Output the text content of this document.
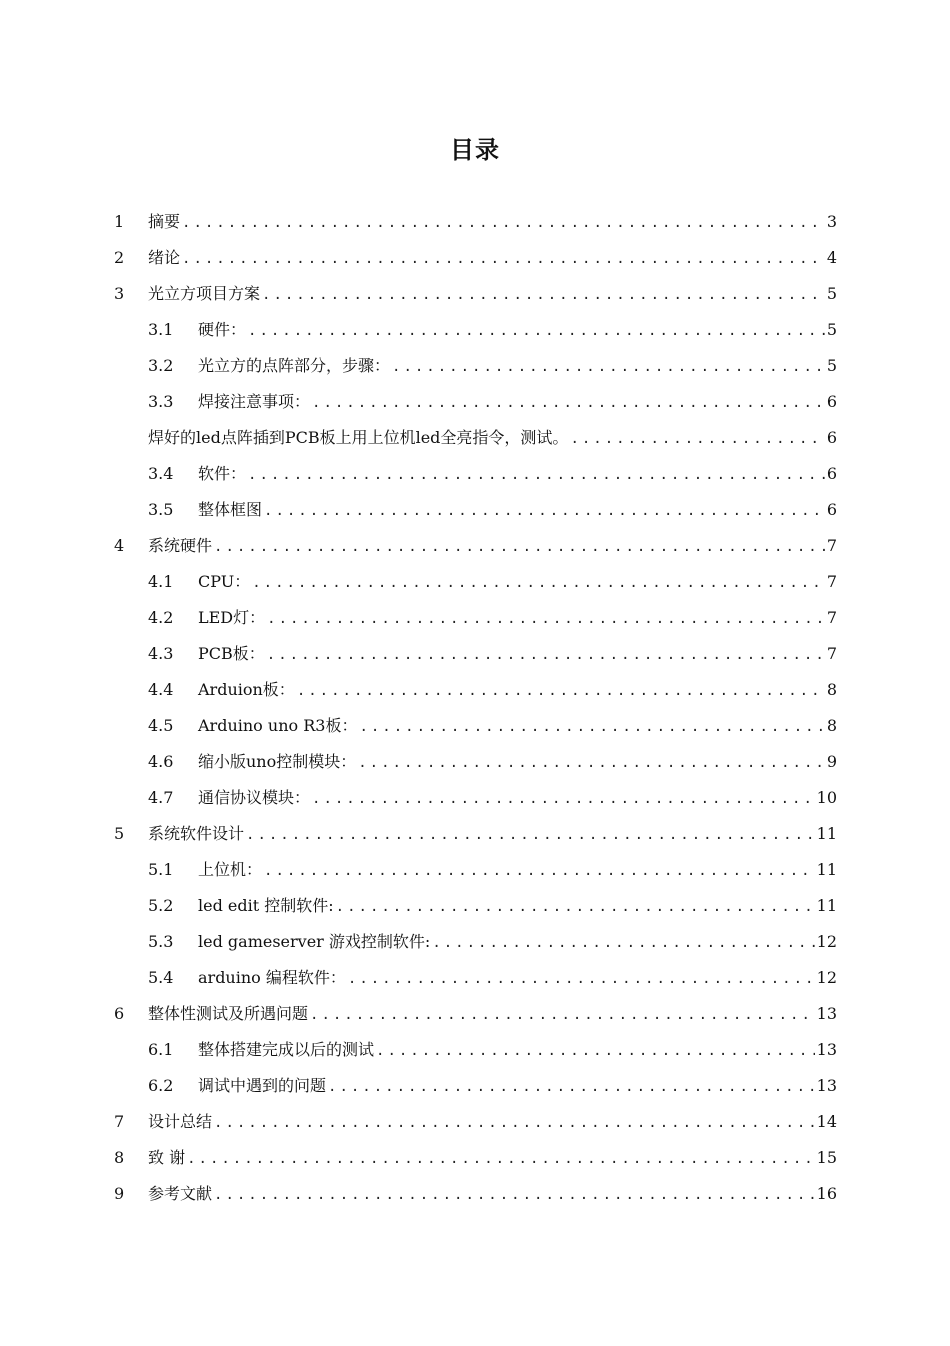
目录
1	摘要 .....	3
2	绪论 .....	4
3	光立方项目方案 .....	5
3.1	硬件： .....	5
3.2	光立方的点阵部分，步骤： .....	5
3.3	焊接注意事项： .....	6
焊好的led点阵插到PCB板上用上位机led全亮指令，测试。 .....	6
3.4	软件： .....	6
3.5	整体框图 .....	6
4	系统硬件 .....	7
4.1	CPU： .....	7
4.2	LED灯： .....	7
4.3	PCB板： .....	7
4.4	Arduion板： .....	8
4.5	Arduino uno R3板： .....	8
4.6	缩小版uno控制模块： .....	9
4.7	通信协议模块： .....	10
5	系统软件设计 .....	11
5.1	上位机： .....	11
5.2	led edit 控制软件: .....	11
5.3	led gameserver 游戏控制软件: .....	12
5.4	arduino 编程软件： .....	12
6	整体性测试及所遇问题 .....	13
6.1	整体搭建完成以后的测试 .....	13
6.2	调试中遇到的问题 .....	13
7	设计总结 .....	14
8	致 谢 .....	15
9	参考文献 .....	16
